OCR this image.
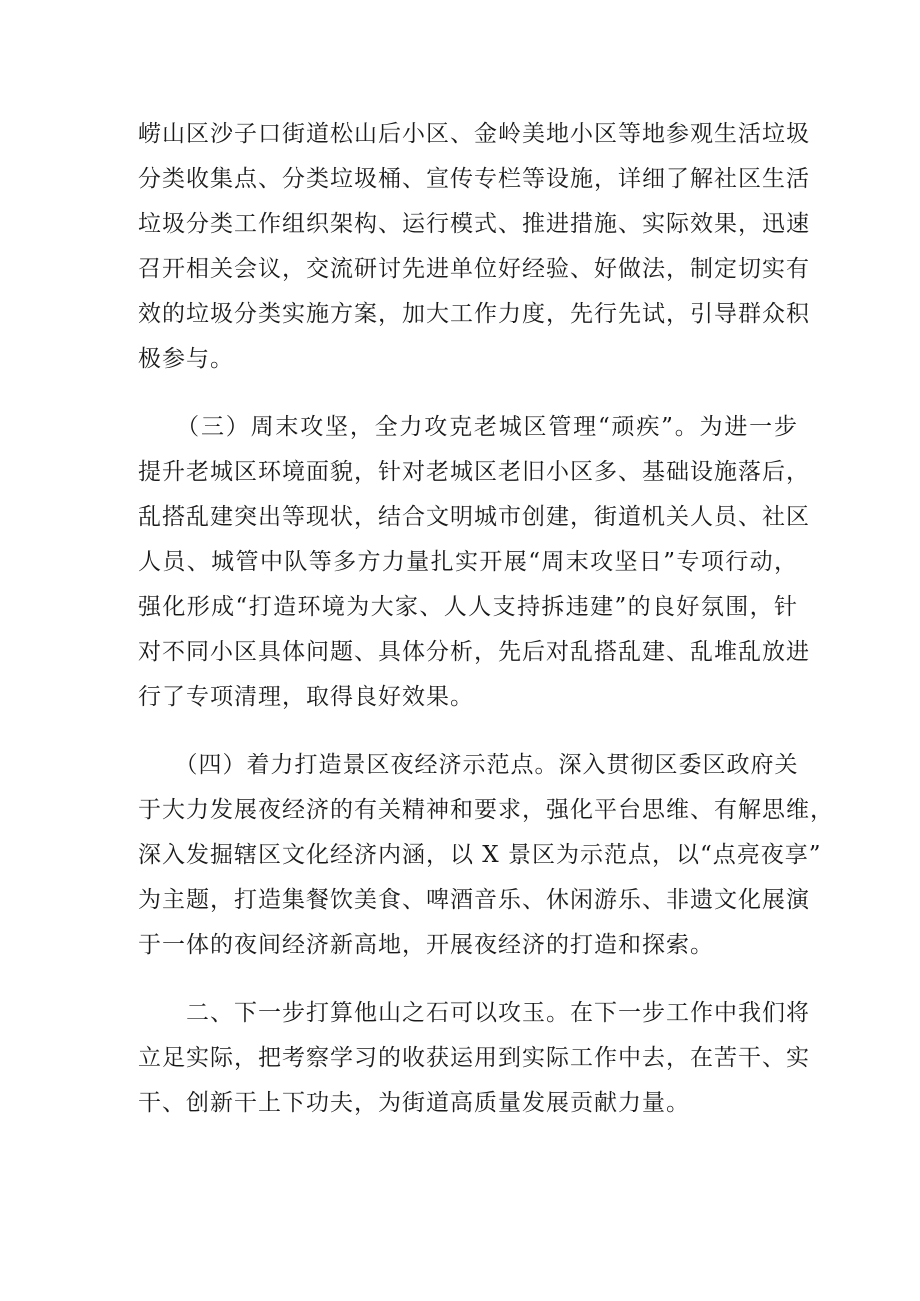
崂山区沙子口街道松山后小区、金岭美地小区等地参观生活垃圾
分类收集点、分类垃圾桶、宣传专栏等设施，详细了解社区生活
垃圾分类工作组织架构、运行模式、推进措施、实际效果，迅速
召开相关会议，交流研讨先进单位好经验、好做法，制定切实有
效的垃圾分类实施方案，加大工作力度，先行先试，引导群众积
极参与。
　　（三）周末攻坚，全力攻克老城区管理“顽疾”。为进一步
提升老城区环境面貌，针对老城区老旧小区多、基础设施落后，
乱搭乱建突出等现状，结合文明城市创建，街道机关人员、社区
人员、城管中队等多方力量扎实开展“周末攻坚日”专项行动，
强化形成“打造环境为大家、人人支持拆违建”的良好氛围，针
对不同小区具体问题、具体分析，先后对乱搭乱建、乱堆乱放进
行了专项清理，取得良好效果。
　　（四）着力打造景区夜经济示范点。深入贯彻区委区政府关
于大力发展夜经济的有关精神和要求，强化平台思维、有解思维，
深入发掘辖区文化经济内涵，以 X 景区为示范点，以“点亮夜享”
为主题，打造集餐饮美食、啤酒音乐、休闲游乐、非遗文化展演
于一体的夜间经济新高地，开展夜经济的打造和探索。
　　二、下一步打算他山之石可以攻玉。在下一步工作中我们将
立足实际，把考察学习的收获运用到实际工作中去，在苦干、实
干、创新干上下功夫，为街道高质量发展贡献力量。
